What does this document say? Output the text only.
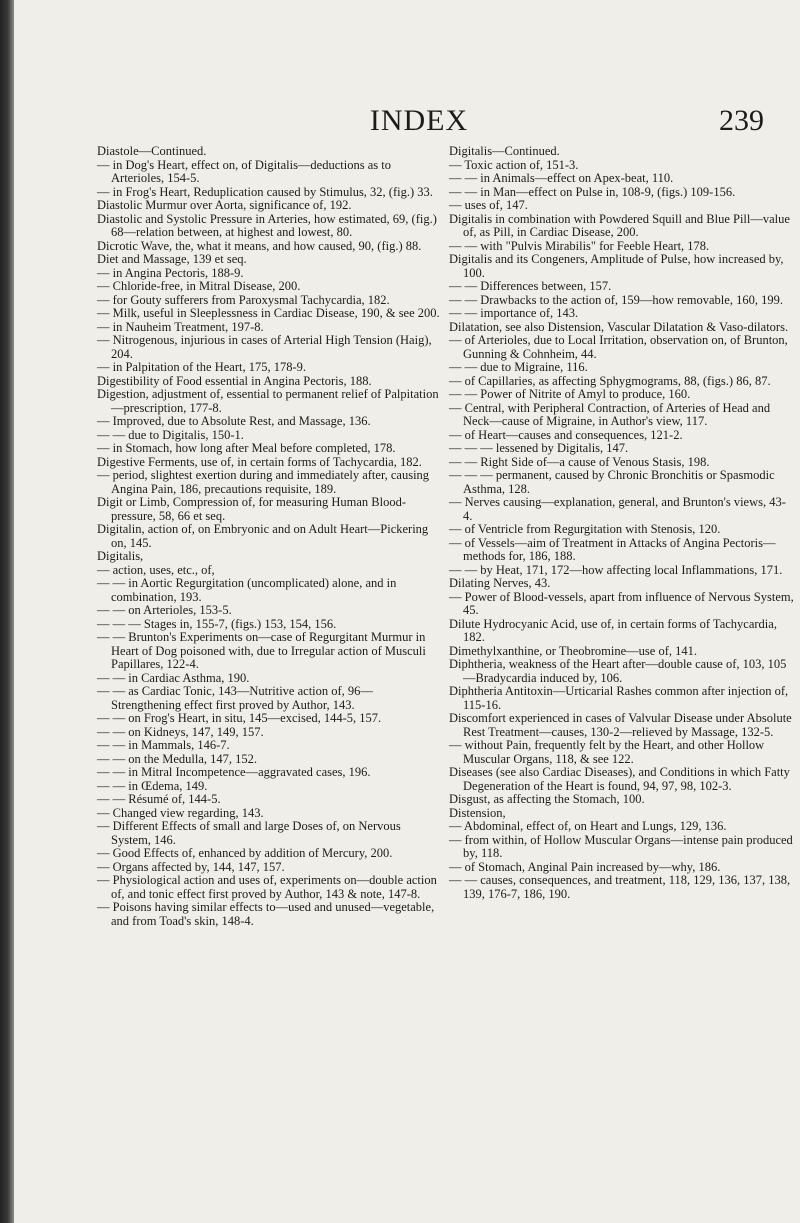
INDEX	239

Diastole—Continued.

— in Dog's Heart, effect on, of Digitalis—deductions as to Arterioles, 154-5.

— in Frog's Heart, Reduplication caused by Stimulus, 32, (fig.) 33.

Diastolic Murmur over Aorta, significance of, 192.

Diastolic and Systolic Pressure in Arteries, how estimated, 69, (fig.) 68—relation between, at highest and lowest, 80.

Dicrotic Wave, the, what it means, and how caused, 90, (fig.) 88.

Diet and Massage, 139 et seq.

— in Angina Pectoris, 188-9.

— Chloride-free, in Mitral Disease, 200.

— for Gouty sufferers from Paroxysmal Tachycardia, 182.

— Milk, useful in Sleeplessness in Cardiac Disease, 190, & see 200.

— in Nauheim Treatment, 197-8.

— Nitrogenous, injurious in cases of Arterial High Tension (Haig), 204.

— in Palpitation of the Heart, 175, 178-9.

Digestibility of Food essential in Angina Pectoris, 188.

Digestion, adjustment of, essential to permanent relief of Palpitation—prescription, 177-8.

— Improved, due to Absolute Rest, and Massage, 136.

— — due to Digitalis, 150-1.

— in Stomach, how long after Meal before completed, 178.

Digestive Ferments, use of, in certain forms of Tachycardia, 182.

— period, slightest exertion during and immediately after, causing Angina Pain, 186, precautions requisite, 189.

Digit or Limb, Compression of, for measuring Human Blood-pressure, 58, 66 et seq.

Digitalin, action of, on Embryonic and on Adult Heart—Pickering on, 145.

Digitalis,

— action, uses, etc., of,

— — in Aortic Regurgitation (uncomplicated) alone, and in combination, 193.

— — on Arterioles, 153-5.

— — — Stages in, 155-7, (figs.) 153, 154, 156.

— — Brunton's Experiments on—case of Regurgitant Murmur in Heart of Dog poisoned with, due to Irregular action of Musculi Papillares, 122-4.

— — in Cardiac Asthma, 190.

— — as Cardiac Tonic, 143—Nutritive action of, 96—Strengthening effect first proved by Author, 143.

— — on Frog's Heart, in situ, 145—excised, 144-5, 157.

— — on Kidneys, 147, 149, 157.

— — in Mammals, 146-7.

— — on the Medulla, 147, 152.

— — in Mitral Incompetence—aggravated cases, 196.

— — in Œdema, 149.

— — Résumé of, 144-5.

— Changed view regarding, 143.

— Different Effects of small and large Doses of, on Nervous System, 146.

— Good Effects of, enhanced by addition of Mercury, 200.

— Organs affected by, 144, 147, 157.

— Physiological action and uses of, experiments on—double action of, and tonic effect first proved by Author, 143 & note, 147-8.

— Poisons having similar effects to—used and unused—vegetable, and from Toad's skin, 148-4.

Digitalis—Continued.

— Toxic action of, 151-3.

— — in Animals—effect on Apex-beat, 110.

— — in Man—effect on Pulse in, 108-9, (figs.) 109-156.

— uses of, 147.

Digitalis in combination with Powdered Squill and Blue Pill—value of, as Pill, in Cardiac Disease, 200.

— — with "Pulvis Mirabilis" for Feeble Heart, 178.

Digitalis and its Congeners, Amplitude of Pulse, how increased by, 100.

— — Differences between, 157.

— — Drawbacks to the action of, 159—how removable, 160, 199.

— — importance of, 143.

Dilatation, see also Distension, Vascular Dilatation & Vaso-dilators.

— of Arterioles, due to Local Irritation, observation on, of Brunton, Gunning & Cohnheim, 44.

— — due to Migraine, 116.

— of Capillaries, as affecting Sphygmograms, 88, (figs.) 86, 87.

— — Power of Nitrite of Amyl to produce, 160.

— Central, with Peripheral Contraction, of Arteries of Head and Neck—cause of Migraine, in Author's view, 117.

— of Heart—causes and consequences, 121-2.

— — — lessened by Digitalis, 147.

— — Right Side of—a cause of Venous Stasis, 198.

— — — permanent, caused by Chronic Bronchitis or Spasmodic Asthma, 128.

— Nerves causing—explanation, general, and Brunton's views, 43-4.

— of Ventricle from Regurgitation with Stenosis, 120.

— of Vessels—aim of Treatment in Attacks of Angina Pectoris—methods for, 186, 188.

— — by Heat, 171, 172—how affecting local Inflammations, 171.

Dilating Nerves, 43.

— Power of Blood-vessels, apart from influence of Nervous System, 45.

Dilute Hydrocyanic Acid, use of, in certain forms of Tachycardia, 182.

Dimethylxanthine, or Theobromine—use of, 141.

Diphtheria, weakness of the Heart after—double cause of, 103, 105—Bradycardia induced by, 106.

Diphtheria Antitoxin—Urticarial Rashes common after injection of, 115-16.

Discomfort experienced in cases of Valvular Disease under Absolute Rest Treatment—causes, 130-2—relieved by Massage, 132-5.

— without Pain, frequently felt by the Heart, and other Hollow Muscular Organs, 118, & see 122.

Diseases (see also Cardiac Diseases), and Conditions in which Fatty Degeneration of the Heart is found, 94, 97, 98, 102-3.

Disgust, as affecting the Stomach, 100.

Distension,

— Abdominal, effect of, on Heart and Lungs, 129, 136.

— from within, of Hollow Muscular Organs—intense pain produced by, 118.

— of Stomach, Anginal Pain increased by—why, 186.

— — causes, consequences, and treatment, 118, 129, 136, 137, 138, 139, 176-7, 186, 190.
